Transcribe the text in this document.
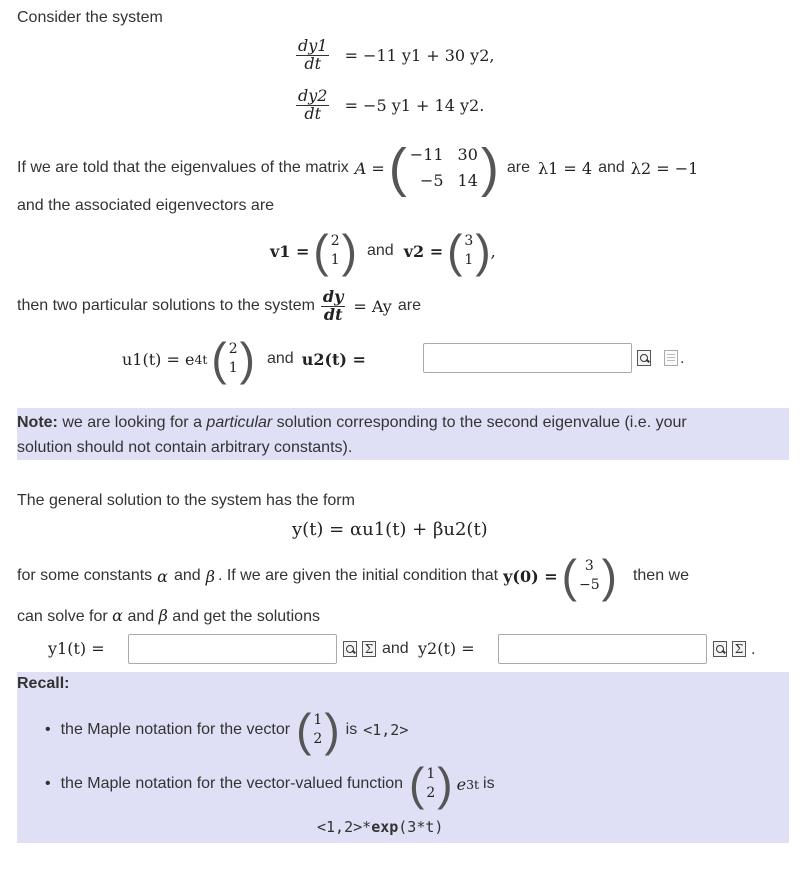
Consider the system
$\frac{dy1}{dt} = -11$ y1 + 30 y2,
$\frac{dy2}{dt} = -5$ y1 + 14 y2.
If we are told that the eigenvalues of the matrix A = ( −11 30
−5 14 ) are λ1 = 4 and λ2 = −1
and the associated eigenvectors are
v1 = ( 2
1 ) and v2 = ( 3
1 ) ,
then two particular solutions to the system $\frac{dy}{dt} = Ay$ are
u1(t) = e 4t ( 2
1 ) and u2(t) =	.
Note: we are looking for a particular solution corresponding to the second eigenvalue (i.e. your
solution should not contain arbitrary constants).
The general solution to the system has the form
y(t) = αu1(t) + βu2(t)
for some constants α and β . If we are given the initial condition that y(0) = ( 3
−5 ) then we
can solve for α and β and get the solutions
y1(t) =	Σ and y2(t) =	Σ .
Recall:
• the Maple notation for the vector ( 1
2 ) is <1,2>
• the Maple notation for the vector-valued function ( 1
2 ) e 3t is
<1,2>*exp(3*t)
